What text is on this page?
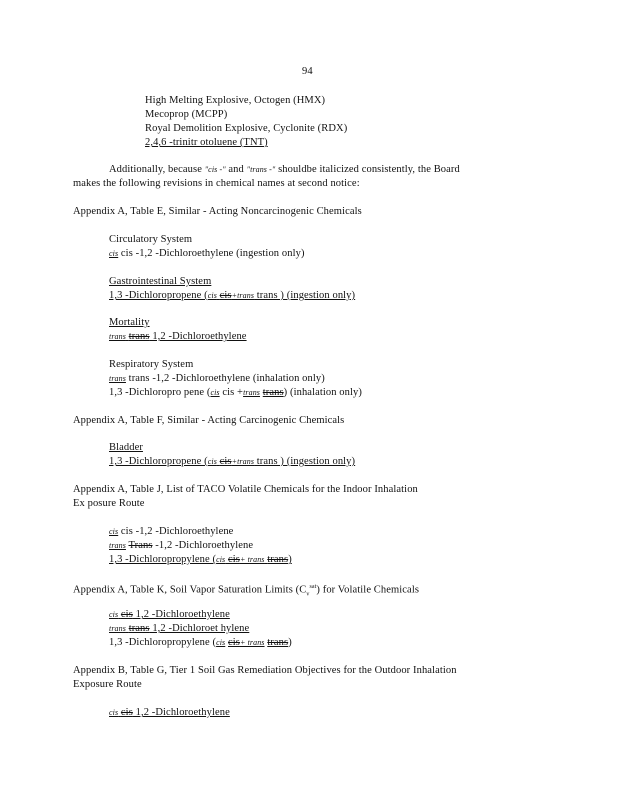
94
High Melting Explosive, Octogen (HMX)
Mecoprop (MCPP)
Royal Demolition Explosive, Cyclonite (RDX)
2,4,6 -trinitr otoluene (TNT)
Additionally, because "cis -" and "trans -" shouldbe italicized consistently, the Board
makes the following revisions in chemical names at second notice:
Appendix A, Table E, Similar - Acting Noncarcinogenic Chemicals
Circulatory System
cis cis -1,2 -Dichloroethylene (ingestion only)
Gastrointestinal System
1,3 -Dichloropropene (cis cis+trans trans ) (ingestion only)
Mortality
trans trans 1,2 -Dichloroethylene
Respiratory System
trans trans -1,2 -Dichloroethylene (inhalation only)
1,3 -Dichloropro pene (cis cis +trans trans) (inhalation only)
Appendix A, Table F, Similar - Acting Carcinogenic Chemicals
Bladder
1,3 -Dichloropropene (cis cis+trans trans ) (ingestion only)
Appendix A, Table J, List of TACO Volatile Chemicals for the Indoor Inhalation
Ex posure Route
cis cis -1,2 -Dichloroethylene
trans Trans -1,2 -Dichloroethylene
1,3 -Dichloropropylene (cis cis+ trans trans)
Appendix A, Table K, Soil Vapor Saturation Limits $(C_v^{sat})$ for Volatile Chemicals
cis cis 1,2 -Dichloroethylene
trans trans 1,2 -Dichloroet hylene
1,3 -Dichloropropylene (cis cis+ trans trans)
Appendix B, Table G, Tier 1 Soil Gas Remediation Objectives for the Outdoor Inhalation
Exposure Route
cis cis 1,2 -Dichloroethylene
